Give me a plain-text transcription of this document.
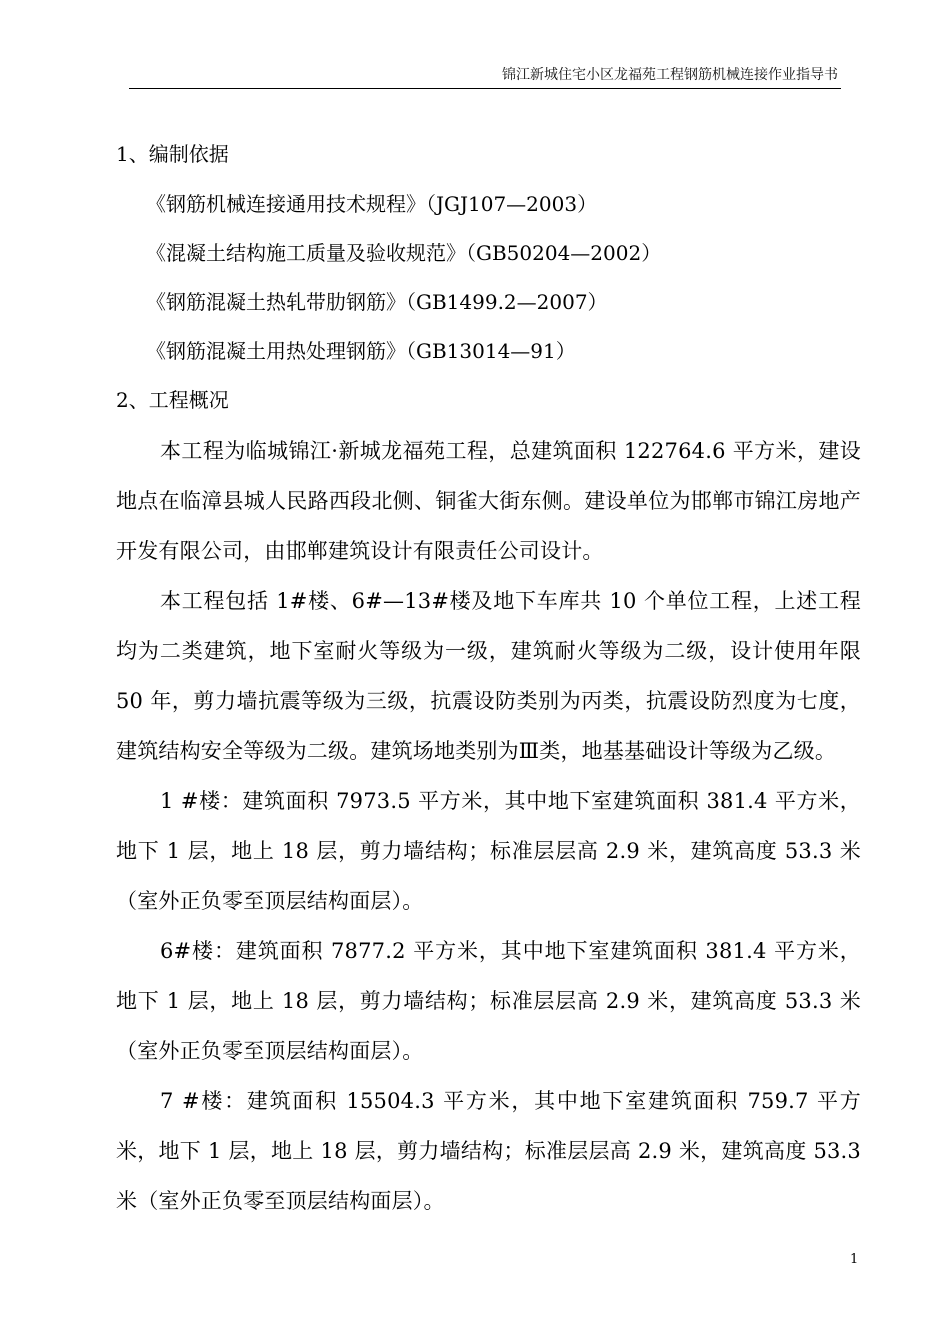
锦江新城住宅小区龙福苑工程钢筋机械连接作业指导书
1、编制依据
《钢筋机械连接通用技术规程》（JGJ107—2003）
《混凝土结构施工质量及验收规范》（GB50204—2002）
《钢筋混凝土热轧带肋钢筋》（GB1499.2—2007）
《钢筋混凝土用热处理钢筋》（GB13014—91）
2、工程概况

本工程为临城锦江·新城龙福苑工程，总建筑面积 122764.6 平方米，建设地点在临漳县城人民路西段北侧、铜雀大街东侧。建设单位为邯郸市锦江房地产开发有限公司，由邯郸建筑设计有限责任公司设计。

本工程包括 1#楼、6#—13#楼及地下车库共 10 个单位工程，上述工程均为二类建筑，地下室耐火等级为一级，建筑耐火等级为二级，设计使用年限 50 年，剪力墙抗震等级为三级，抗震设防类别为丙类，抗震设防烈度为七度，建筑结构安全等级为二级。建筑场地类别为Ⅲ类，地基基础设计等级为乙级。

1 #楼：建筑面积 7973.5 平方米，其中地下室建筑面积 381.4 平方米，地下 1 层，地上 18 层，剪力墙结构；标准层层高 2.9 米，建筑高度 53.3 米（室外正负零至顶层结构面层）。

6#楼：建筑面积 7877.2 平方米，其中地下室建筑面积 381.4 平方米，地下 1 层，地上 18 层，剪力墙结构；标准层层高 2.9 米，建筑高度 53.3 米（室外正负零至顶层结构面层）。

7 #楼：建筑面积 15504.3 平方米，其中地下室建筑面积 759.7 平方米，地下 1 层，地上 18 层，剪力墙结构；标准层层高 2.9 米，建筑高度 53.3 米（室外正负零至顶层结构面层）。

1
